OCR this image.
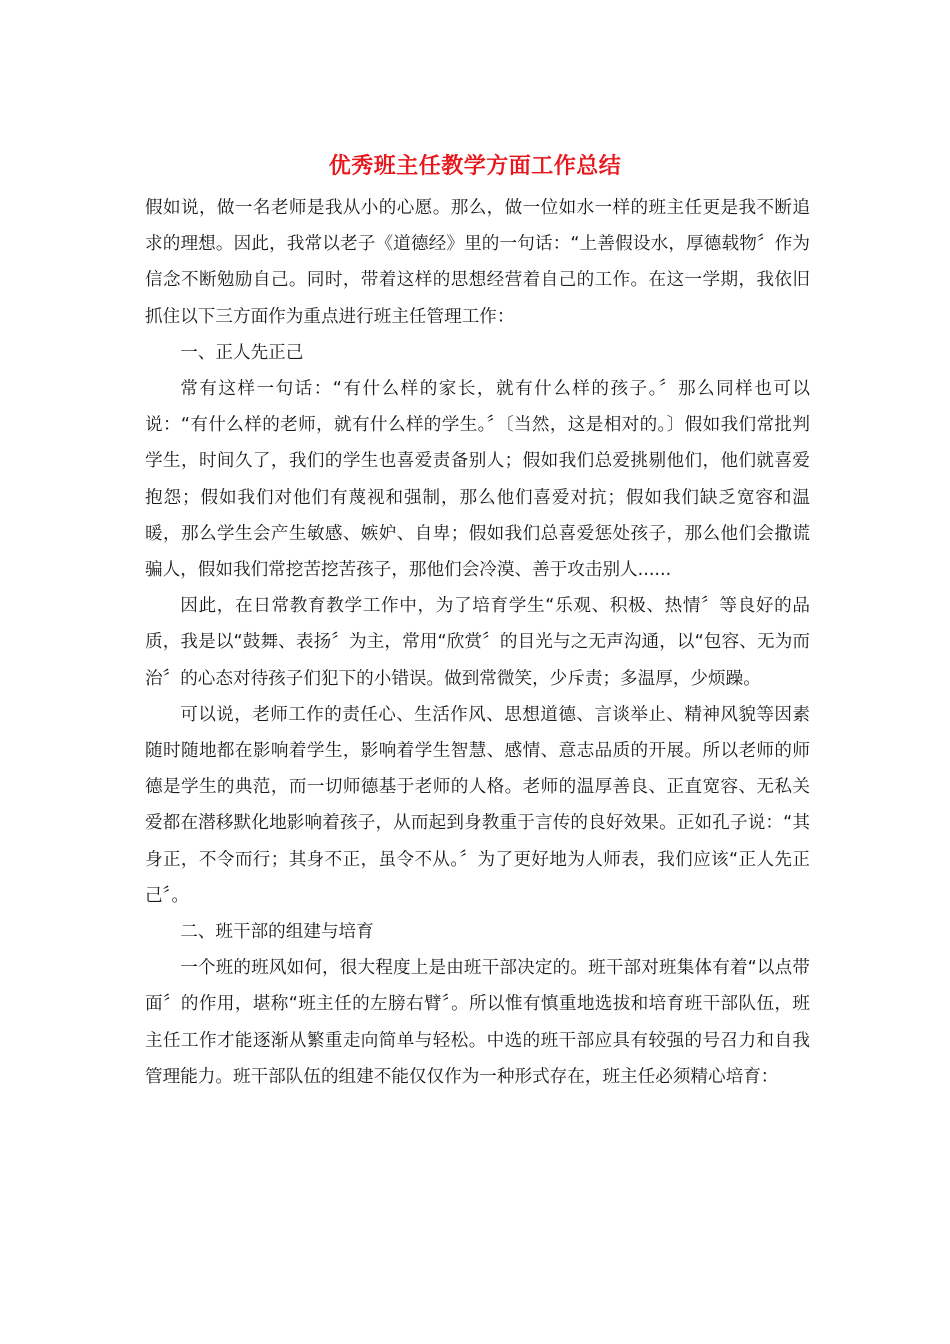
优秀班主任教学方面工作总结

假如说，做一名老师是我从小的心愿。那么，做一位如水一样的班主任更是我不断追求的理想。因此，我常以老子《道德经》里的一句话：“上善假设水，厚德载物〞作为信念不断勉励自己。同时，带着这样的思想经营着自己的工作。在这一学期，我依旧抓住以下三方面作为重点进行班主任管理工作：

一、正人先正己

常有这样一句话：“有什么样的家长，就有什么样的孩子。〞那么同样也可以说：“有什么样的老师，就有什么样的学生。〞〔当然，这是相对的。〕假如我们常批判学生，时间久了，我们的学生也喜爱责备别人；假如我们总爱挑剔他们，他们就喜爱抱怨；假如我们对他们有蔑视和强制，那么他们喜爱对抗；假如我们缺乏宽容和温暖，那么学生会产生敏感、嫉妒、自卑；假如我们总喜爱惩处孩子，那么他们会撒谎骗人，假如我们常挖苦挖苦孩子，那他们会冷漠、善于攻击别人......

因此，在日常教育教学工作中，为了培育学生“乐观、积极、热情〞等良好的品质，我是以“鼓舞、表扬〞为主，常用“欣赏〞的目光与之无声沟通，以“包容、无为而治〞的心态对待孩子们犯下的小错误。做到常微笑，少斥责；多温厚，少烦躁。

可以说，老师工作的责任心、生活作风、思想道德、言谈举止、精神风貌等因素随时随地都在影响着学生，影响着学生智慧、感情、意志品质的开展。所以老师的师德是学生的典范，而一切师德基于老师的人格。老师的温厚善良、正直宽容、无私关爱都在潜移默化地影响着孩子，从而起到身教重于言传的良好效果。正如孔子说：“其身正，不令而行；其身不正，虽令不从。〞为了更好地为人师表，我们应该“正人先正己〞。

二、班干部的组建与培育

一个班的班风如何，很大程度上是由班干部决定的。班干部对班集体有着“以点带面〞的作用，堪称“班主任的左膀右臂〞。所以惟有慎重地选拔和培育班干部队伍，班主任工作才能逐渐从繁重走向简单与轻松。中选的班干部应具有较强的号召力和自我管理能力。班干部队伍的组建不能仅仅作为一种形式存在，班主任必须精心培育：
